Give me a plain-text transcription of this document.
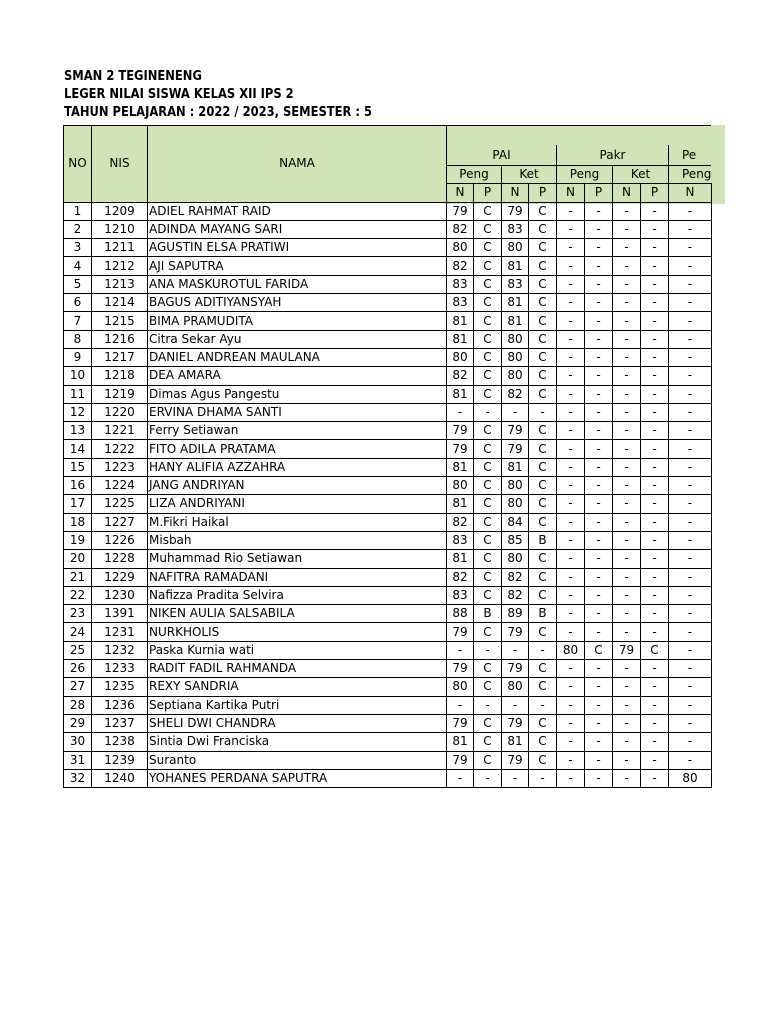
SMAN 2 TEGINENENG
LEGER NILAI SISWA KELAS XII IPS 2
TAHUN PELAJARAN : 2022 / 2023, SEMESTER : 5
NO	NIS	NAMA									
			PAI				Pakr				Pe
			Peng		Ket		Peng		Ket		Peng
			N	P	N	P	N	P	N	P	N
1	1209	ADIEL RAHMAT RAID	79	C	79	C	-	-	-	-	-
2	1210	ADINDA MAYANG SARI	82	C	83	C	-	-	-	-	-
3	1211	AGUSTIN ELSA PRATIWI	80	C	80	C	-	-	-	-	-
4	1212	AJI SAPUTRA	82	C	81	C	-	-	-	-	-
5	1213	ANA MASKUROTUL FARIDA	83	C	83	C	-	-	-	-	-
6	1214	BAGUS ADITIYANSYAH	83	C	81	C	-	-	-	-	-
7	1215	BIMA PRAMUDITA	81	C	81	C	-	-	-	-	-
8	1216	Citra Sekar Ayu	81	C	80	C	-	-	-	-	-
9	1217	DANIEL ANDREAN MAULANA	80	C	80	C	-	-	-	-	-
10	1218	DEA AMARA	82	C	80	C	-	-	-	-	-
11	1219	Dimas Agus Pangestu	81	C	82	C	-	-	-	-	-
12	1220	ERVINA DHAMA SANTI	-	-	-	-	-	-	-	-	-
13	1221	Ferry Setiawan	79	C	79	C	-	-	-	-	-
14	1222	FITO ADILA PRATAMA	79	C	79	C	-	-	-	-	-
15	1223	HANY ALIFIA AZZAHRA	81	C	81	C	-	-	-	-	-
16	1224	JANG ANDRIYAN	80	C	80	C	-	-	-	-	-
17	1225	LIZA ANDRIYANI	81	C	80	C	-	-	-	-	-
18	1227	M.Fikri Haikal	82	C	84	C	-	-	-	-	-
19	1226	Misbah	83	C	85	B	-	-	-	-	-
20	1228	Muhammad Rio Setiawan	81	C	80	C	-	-	-	-	-
21	1229	NAFITRA RAMADANI	82	C	82	C	-	-	-	-	-
22	1230	Nafizza Pradita Selvira	83	C	82	C	-	-	-	-	-
23	1391	NIKEN AULIA SALSABILA	88	B	89	B	-	-	-	-	-
24	1231	NURKHOLIS	79	C	79	C	-	-	-	-	-
25	1232	Paska Kurnia wati	-	-	-	-	80	C	79	C	-
26	1233	RADIT FADIL RAHMANDA	79	C	79	C	-	-	-	-	-
27	1235	REXY SANDRIA	80	C	80	C	-	-	-	-	-
28	1236	Septiana Kartika Putri	-	-	-	-	-	-	-	-	-
29	1237	SHELI DWI CHANDRA	79	C	79	C	-	-	-	-	-
30	1238	Sintia Dwi Franciska	81	C	81	C	-	-	-	-	-
31	1239	Suranto	79	C	79	C	-	-	-	-	-
32	1240	YOHANES PERDANA SAPUTRA	-	-	-	-	-	-	-	-	80
